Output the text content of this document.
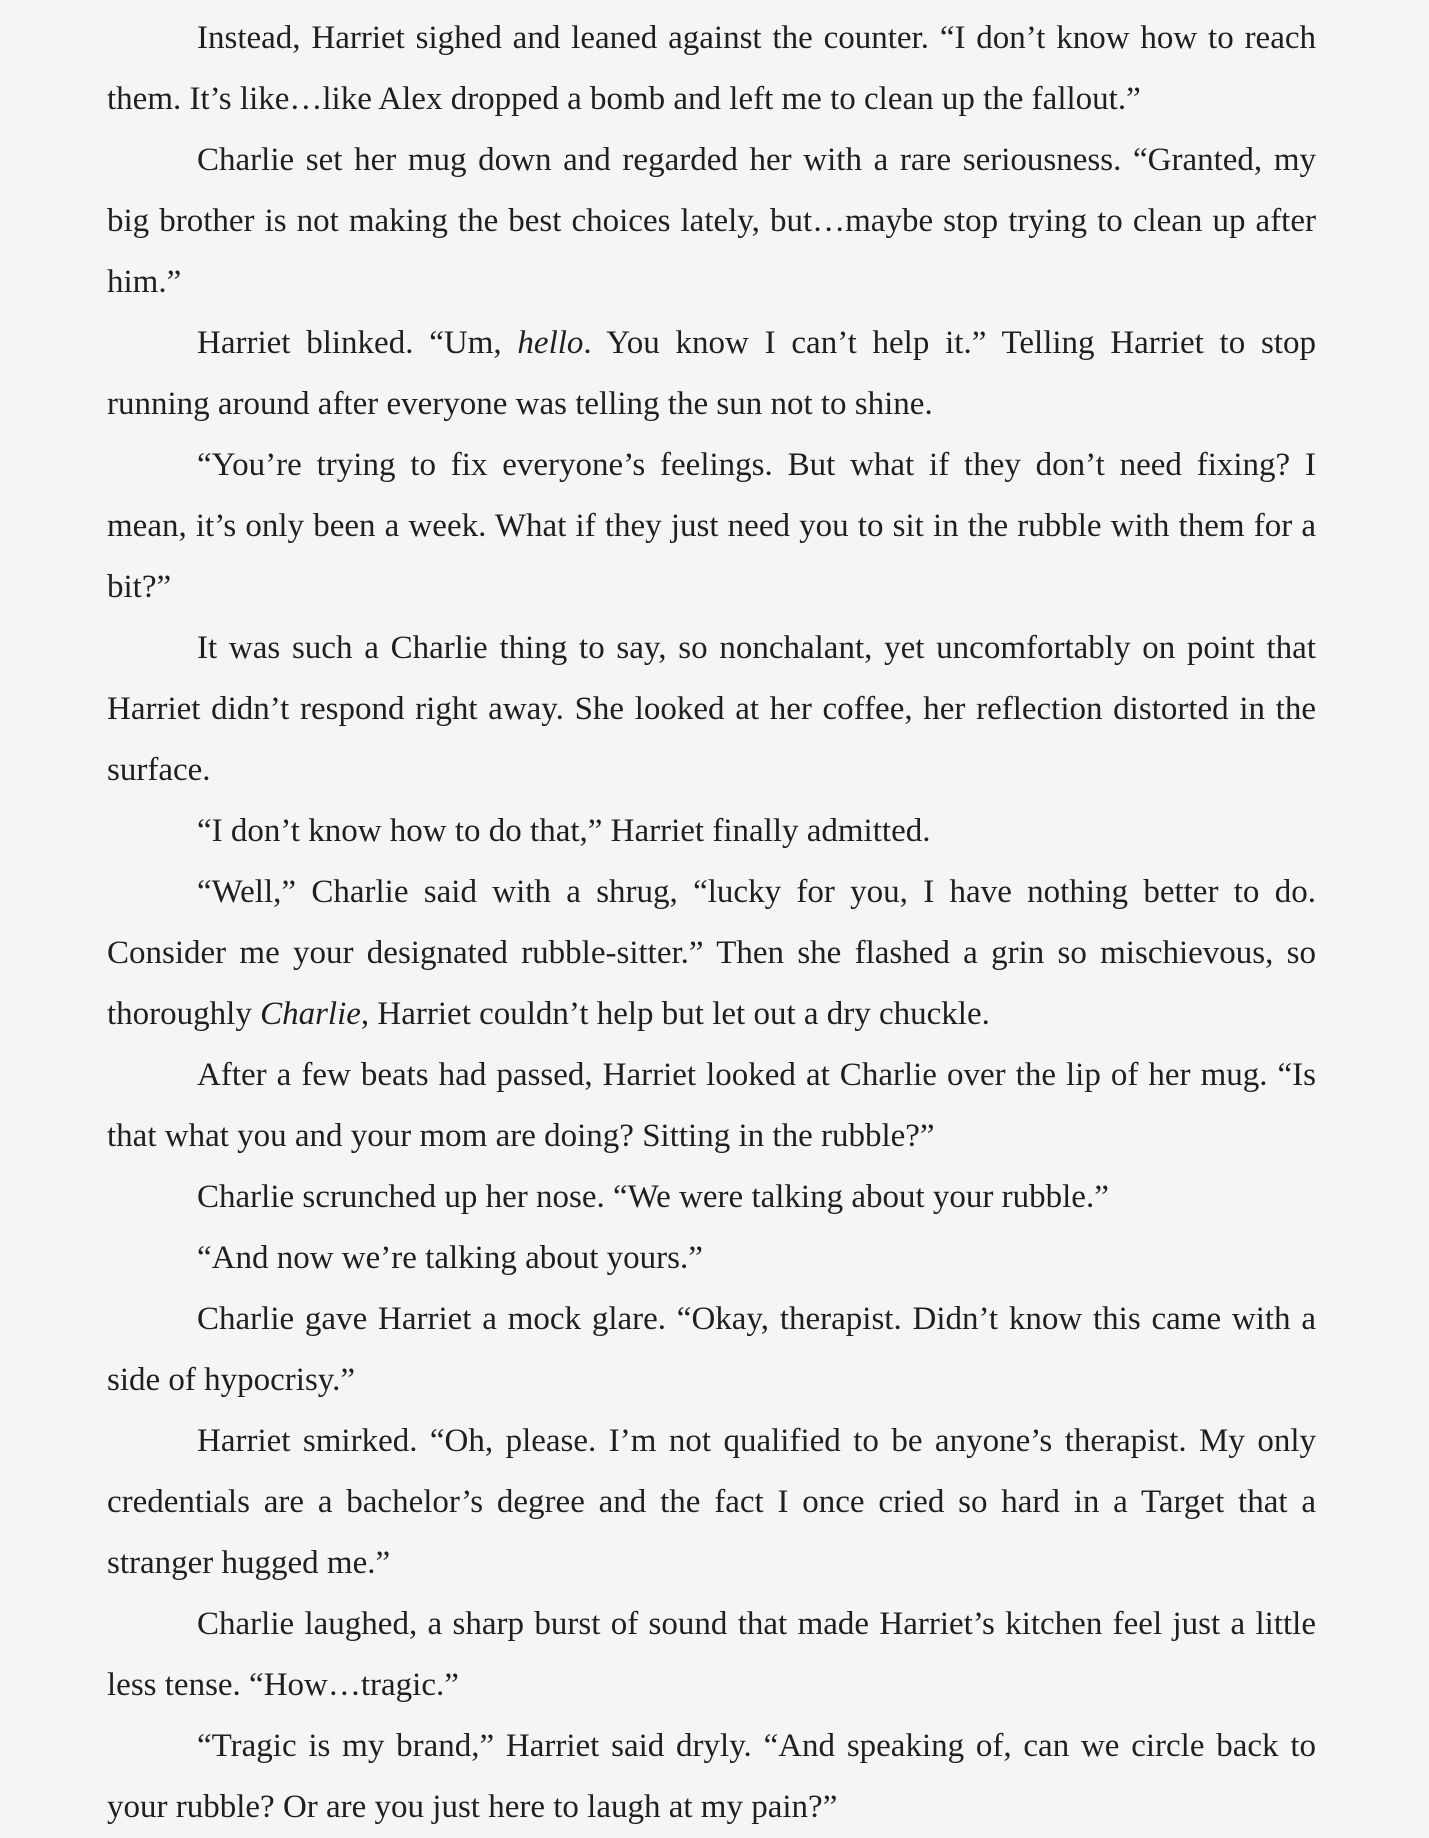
Instead, Harriet sighed and leaned against the counter. “I don’t know how to reach them. It’s like…like Alex dropped a bomb and left me to clean up the fallout.”

Charlie set her mug down and regarded her with a rare seriousness. “Granted, my big brother is not making the best choices lately, but…maybe stop trying to clean up after him.”

Harriet blinked. “Um, hello. You know I can’t help it.” Telling Harriet to stop running around after everyone was telling the sun not to shine.

“You’re trying to fix everyone’s feelings. But what if they don’t need fixing? I mean, it’s only been a week. What if they just need you to sit in the rubble with them for a bit?”

It was such a Charlie thing to say, so nonchalant, yet uncomfortably on point that Harriet didn’t respond right away. She looked at her coffee, her reflection distorted in the surface.

“I don’t know how to do that,” Harriet finally admitted.

“Well,” Charlie said with a shrug, “lucky for you, I have nothing better to do. Consider me your designated rubble-sitter.” Then she flashed a grin so mischievous, so thoroughly Charlie, Harriet couldn’t help but let out a dry chuckle.

After a few beats had passed, Harriet looked at Charlie over the lip of her mug. “Is that what you and your mom are doing? Sitting in the rubble?”

Charlie scrunched up her nose. “We were talking about your rubble.”

“And now we’re talking about yours.”

Charlie gave Harriet a mock glare. “Okay, therapist. Didn’t know this came with a side of hypocrisy.”

Harriet smirked. “Oh, please. I’m not qualified to be anyone’s therapist. My only credentials are a bachelor’s degree and the fact I once cried so hard in a Target that a stranger hugged me.”

Charlie laughed, a sharp burst of sound that made Harriet’s kitchen feel just a little less tense. “How…tragic.”

“Tragic is my brand,” Harriet said dryly. “And speaking of, can we circle back to your rubble? Or are you just here to laugh at my pain?”
